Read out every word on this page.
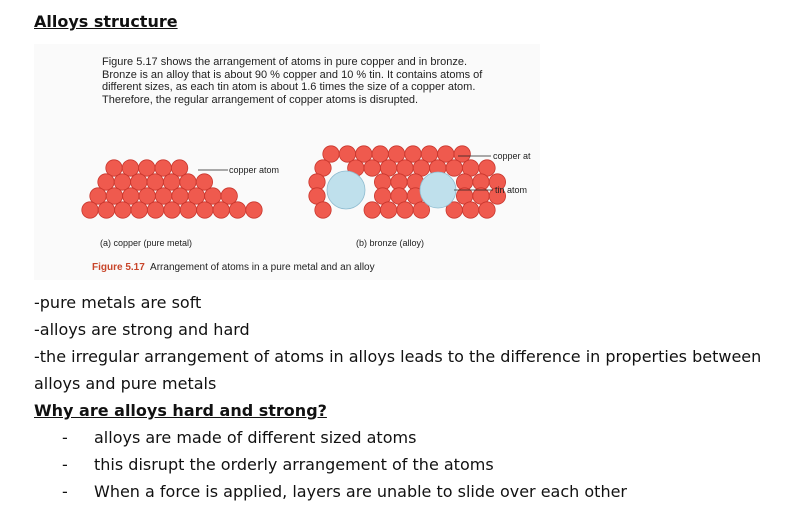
Alloys structure
Figure 5.17 shows the arrangement of atoms in pure copper and in bronze. Bronze is an alloy that is about 90 % copper and 10 % tin. It contains atoms of different sizes, as each tin atom is about 1.6 times the size of a copper atom. Therefore, the regular arrangement of copper atoms is disrupted.
copper atom
copper at
tin atom
(a) copper (pure metal)	(b) bronze (alloy)
Figure 5.17 Arrangement of atoms in a pure metal and an alloy

-pure metals are soft

-alloys are strong and hard

-the irregular arrangement of atoms in alloys leads to the difference in properties between alloys and pure metals

Why are alloys hard and strong?

- alloys are made of different sized atoms
- this disrupt the orderly arrangement of the atoms
- When a force is applied, layers are unable to slide over each other
